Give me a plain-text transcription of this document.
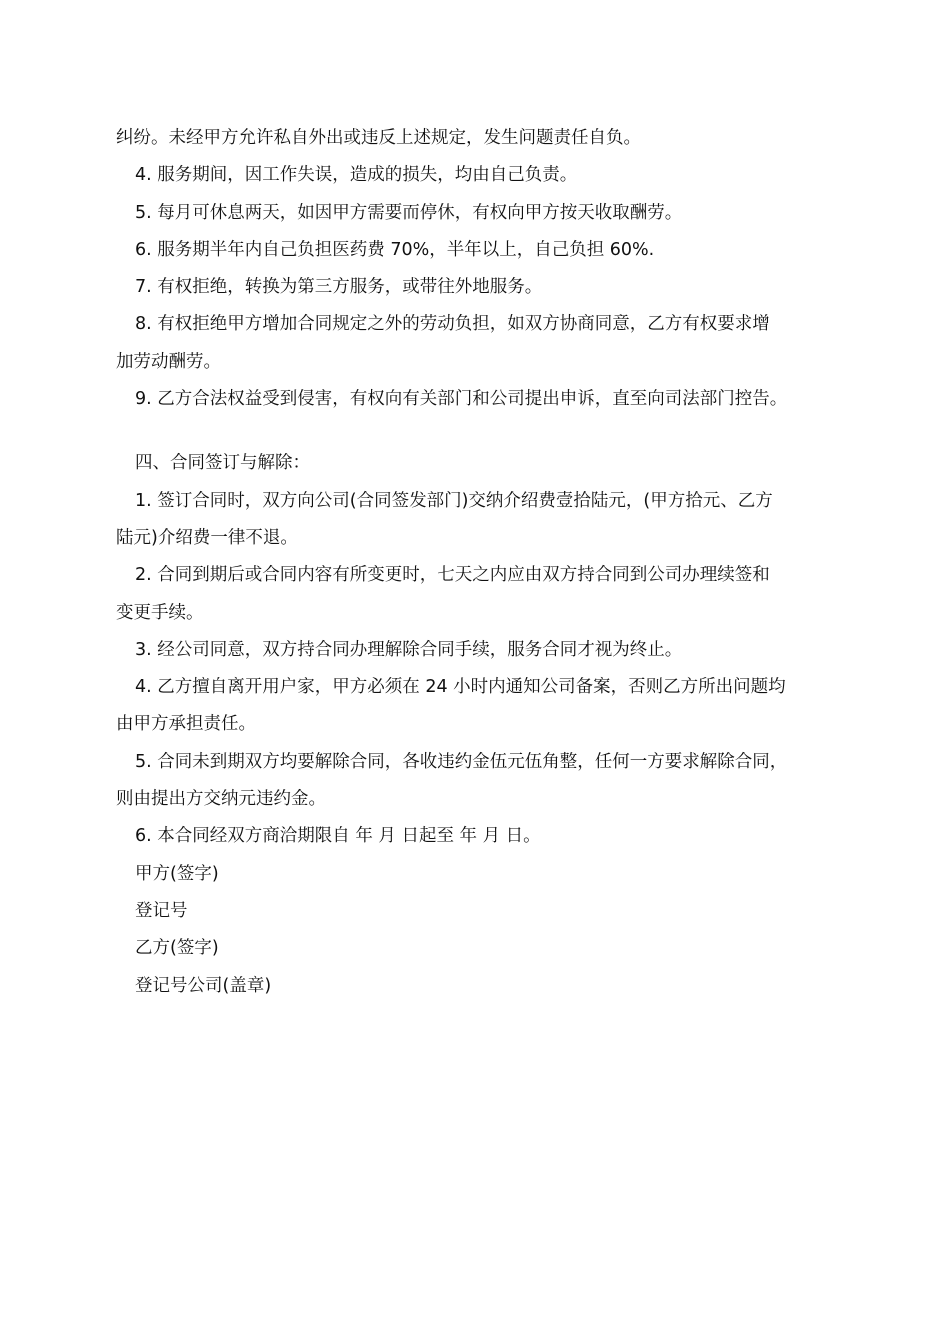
纠纷。未经甲方允许私自外出或违反上述规定，发生问题责任自负。
4. 服务期间，因工作失误，造成的损失，均由自己负责。
5. 每月可休息两天，如因甲方需要而停休，有权向甲方按天收取酬劳。
6. 服务期半年内自己负担医药费 70%，半年以上，自己负担 60%.
7. 有权拒绝，转换为第三方服务，或带往外地服务。
8. 有权拒绝甲方增加合同规定之外的劳动负担，如双方协商同意，乙方有权要求增
加劳动酬劳。
9. 乙方合法权益受到侵害，有权向有关部门和公司提出申诉，直至向司法部门控告。
四、合同签订与解除：
1. 签订合同时，双方向公司(合同签发部门)交纳介绍费壹拾陆元，(甲方拾元、乙方
陆元)介绍费一律不退。
2. 合同到期后或合同内容有所变更时，七天之内应由双方持合同到公司办理续签和
变更手续。
3. 经公司同意，双方持合同办理解除合同手续，服务合同才视为终止。
4. 乙方擅自离开用户家，甲方必须在 24 小时内通知公司备案，否则乙方所出问题均
由甲方承担责任。
5. 合同未到期双方均要解除合同，各收违约金伍元伍角整，任何一方要求解除合同，
则由提出方交纳元违约金。
6. 本合同经双方商洽期限自 年 月 日起至 年 月 日。
甲方(签字)
登记号
乙方(签字)
登记号公司(盖章)
